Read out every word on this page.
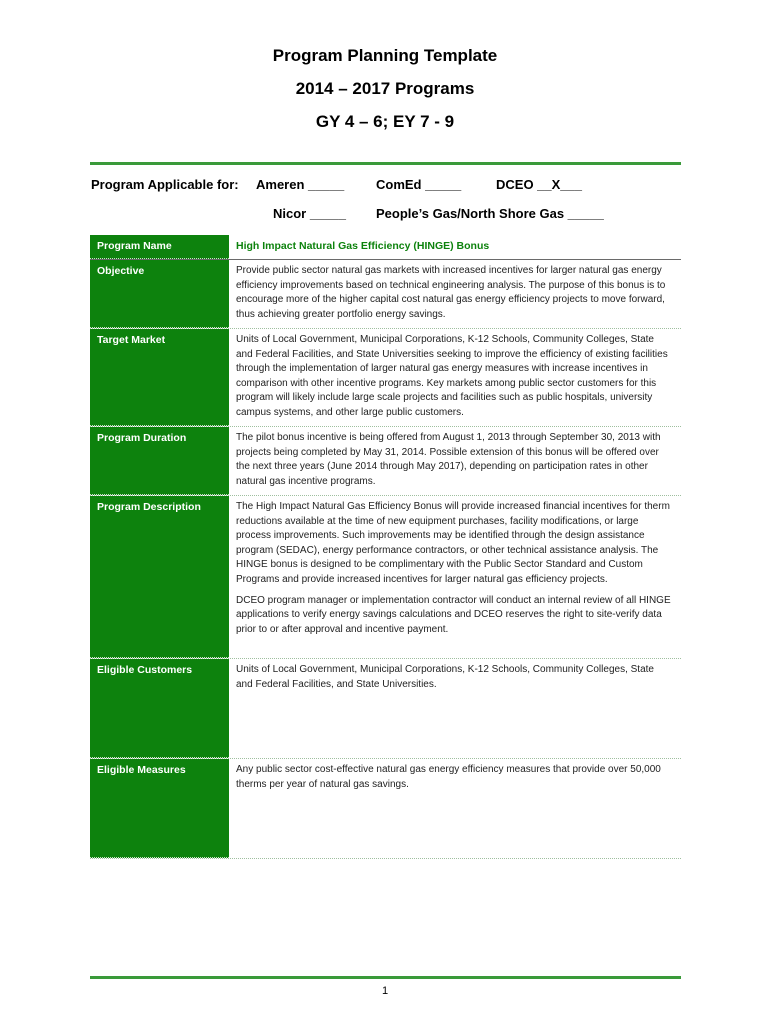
Program Planning Template
2014 – 2017 Programs
GY 4 – 6; EY 7 - 9
Program Applicable for: Ameren _____ ComEd _____	DCEO __X___
Nicor _____ People’s Gas/North Shore Gas _____
Program Name	High Impact Natural Gas Efficiency (HINGE) Bonus
Objective	Provide public sector natural gas markets with increased incentives for larger natural gas energy efficiency improvements based on technical engineering analysis. The purpose of this bonus is to encourage more of the higher capital cost natural gas energy efficiency projects to move forward, thus achieving greater portfolio energy savings.
Target Market	Units of Local Government, Municipal Corporations, K-12 Schools, Community Colleges, State and Federal Facilities, and State Universities seeking to improve the efficiency of existing facilities through the implementation of larger natural gas energy measures with increase incentives in comparison with other incentive programs. Key markets among public sector customers for this program will likely include large scale projects and facilities such as public hospitals, university campus systems, and other large public customers.
Program Duration	The pilot bonus incentive is being offered from August 1, 2013 through September 30, 2013 with projects being completed by May 31, 2014. Possible extension of this bonus will be offered over the next three years (June 2014 through May 2017), depending on participation rates in other natural gas incentive programs.
Program Description	The High Impact Natural Gas Efficiency Bonus will provide increased financial incentives for therm reductions available at the time of new equipment purchases, facility modifications, or large process improvements. Such improvements may be identified through the design assistance program (SEDAC), energy performance contractors, or other technical assistance analysis. The HINGE bonus is designed to be complimentary with the Public Sector Standard and Custom Programs and provide increased incentives for larger natural gas efficiency projects.

DCEO program manager or implementation contractor will conduct an internal review of all HINGE applications to verify energy savings calculations and DCEO reserves the right to site-verify data prior to or after approval and incentive payment.

Eligible Customers	Units of Local Government, Municipal Corporations, K-12 Schools, Community Colleges, State and Federal Facilities, and State Universities.
Eligible Measures	Any public sector cost-effective natural gas energy efficiency measures that provide over 50,000 therms per year of natural gas savings.
1
